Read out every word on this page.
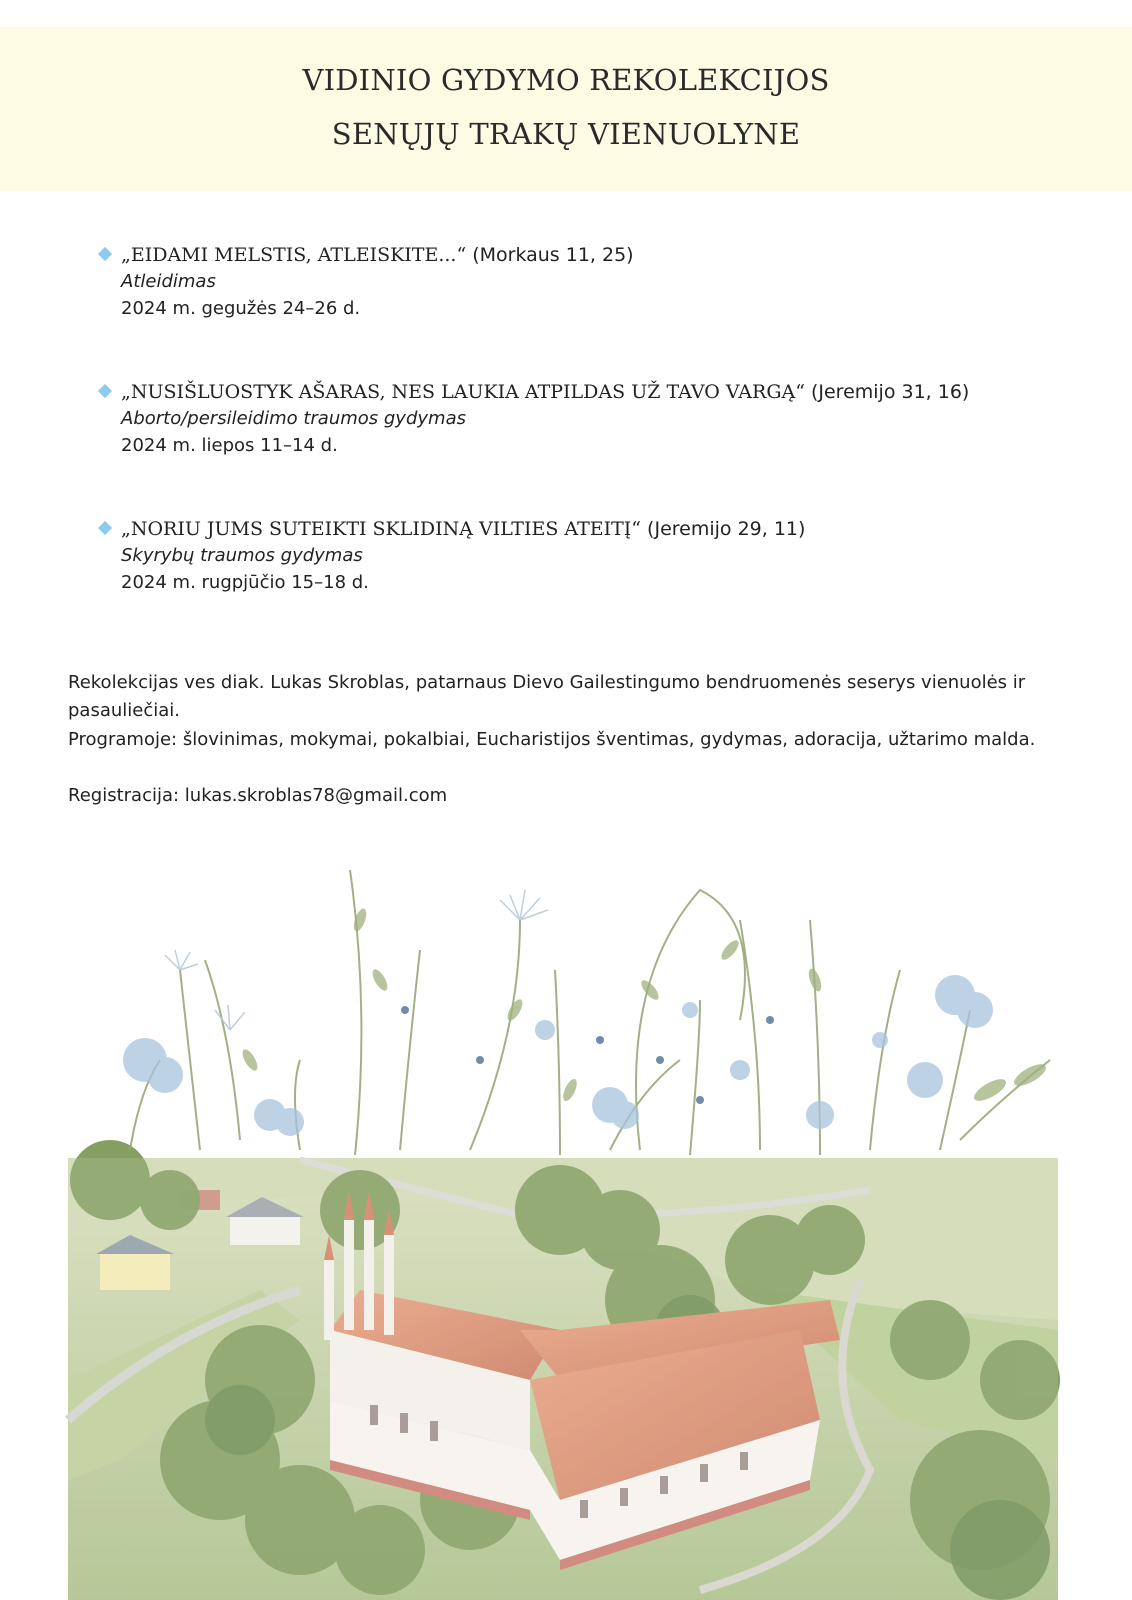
VIDINIO GYDYMO REKOLEKCIJOS
SENŲJŲ TRAKŲ VIENUOLYNE
„EIDAMI MELSTIS, ATLEISKITE...“ (Morkaus 11, 25)
Atleidimas
2024 m. gegužės 24–26 d.
„NUSIŠLUOSTYK AŠARAS, NES LAUKIA ATPILDAS UŽ TAVO VARGĄ“ (Jeremijo 31, 16)
Aborto/persileidimo traumos gydymas
2024 m. liepos 11–14 d.
„NORIU JUMS SUTEIKTI SKLIDINĄ VILTIES ATEITĮ“ (Jeremijo 29, 11)
Skyrybų traumos gydymas
2024 m. rugpjūčio 15–18 d.
Rekolekcijas ves diak. Lukas Skroblas, patarnaus Dievo Gailestingumo bendruomenės seserys vienuolės ir
pasauliečiai.
Programoje: šlovinimas, mokymai, pokalbiai, Eucharistijos šventimas, gydymas, adoracija, užtarimo malda.
Registracija: lukas.skroblas78@gmail.com
